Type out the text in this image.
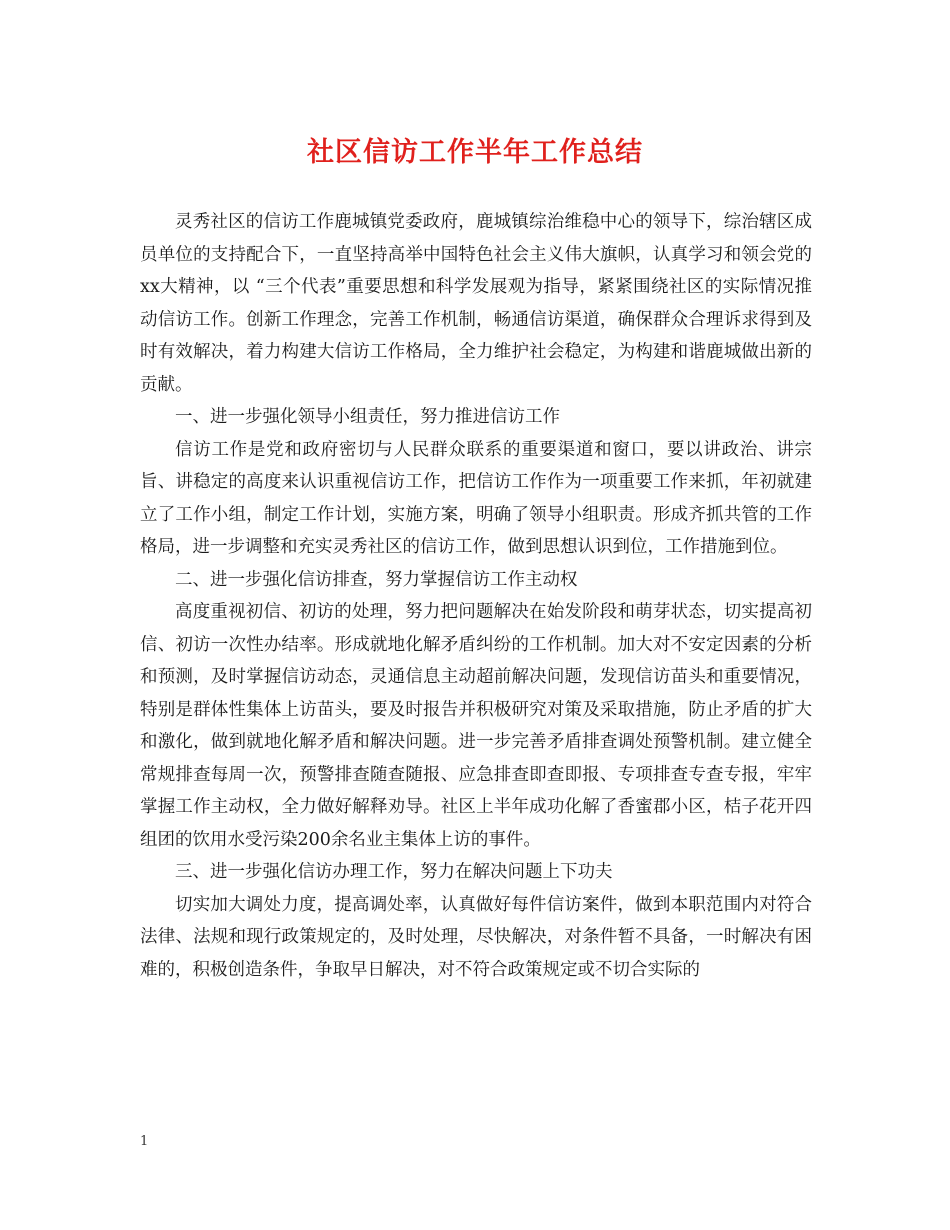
社区信访工作半年工作总结

灵秀社区的信访工作鹿城镇党委政府，鹿城镇综治维稳中心的领导下，综治辖区成员单位的支持配合下，一直坚持高举中国特色社会主义伟大旗帜，认真学习和领会党的xx大精神，以 “三个代表”重要思想和科学发展观为指导，紧紧围绕社区的实际情况推动信访工作。创新工作理念，完善工作机制，畅通信访渠道，确保群众合理诉求得到及时有效解决，着力构建大信访工作格局，全力维护社会稳定，为构建和谐鹿城做出新的贡献。

一、进一步强化领导小组责任，努力推进信访工作

信访工作是党和政府密切与人民群众联系的重要渠道和窗口，要以讲政治、讲宗旨、讲稳定的高度来认识重视信访工作，把信访工作作为一项重要工作来抓，年初就建立了工作小组，制定工作计划，实施方案，明确了领导小组职责。形成齐抓共管的工作格局，进一步调整和充实灵秀社区的信访工作，做到思想认识到位，工作措施到位。

二、进一步强化信访排查，努力掌握信访工作主动权

高度重视初信、初访的处理，努力把问题解决在始发阶段和萌芽状态，切实提高初信、初访一次性办结率。形成就地化解矛盾纠纷的工作机制。加大对不安定因素的分析和预测，及时掌握信访动态，灵通信息主动超前解决问题，发现信访苗头和重要情况，特别是群体性集体上访苗头，要及时报告并积极研究对策及采取措施，防止矛盾的扩大和激化，做到就地化解矛盾和解决问题。进一步完善矛盾排查调处预警机制。建立健全常规排查每周一次，预警排查随查随报、应急排查即查即报、专项排查专查专报，牢牢掌握工作主动权，全力做好解释劝导。社区上半年成功化解了香蜜郡小区，桔子花开四组团的饮用水受污染200余名业主集体上访的事件。

三、进一步强化信访办理工作，努力在解决问题上下功夫

切实加大调处力度，提高调处率，认真做好每件信访案件，做到本职范围内对符合法律、法规和现行政策规定的，及时处理，尽快解决，对条件暂不具备，一时解决有困难的，积极创造条件，争取早日解决，对不符合政策规定或不切合实际的

1
